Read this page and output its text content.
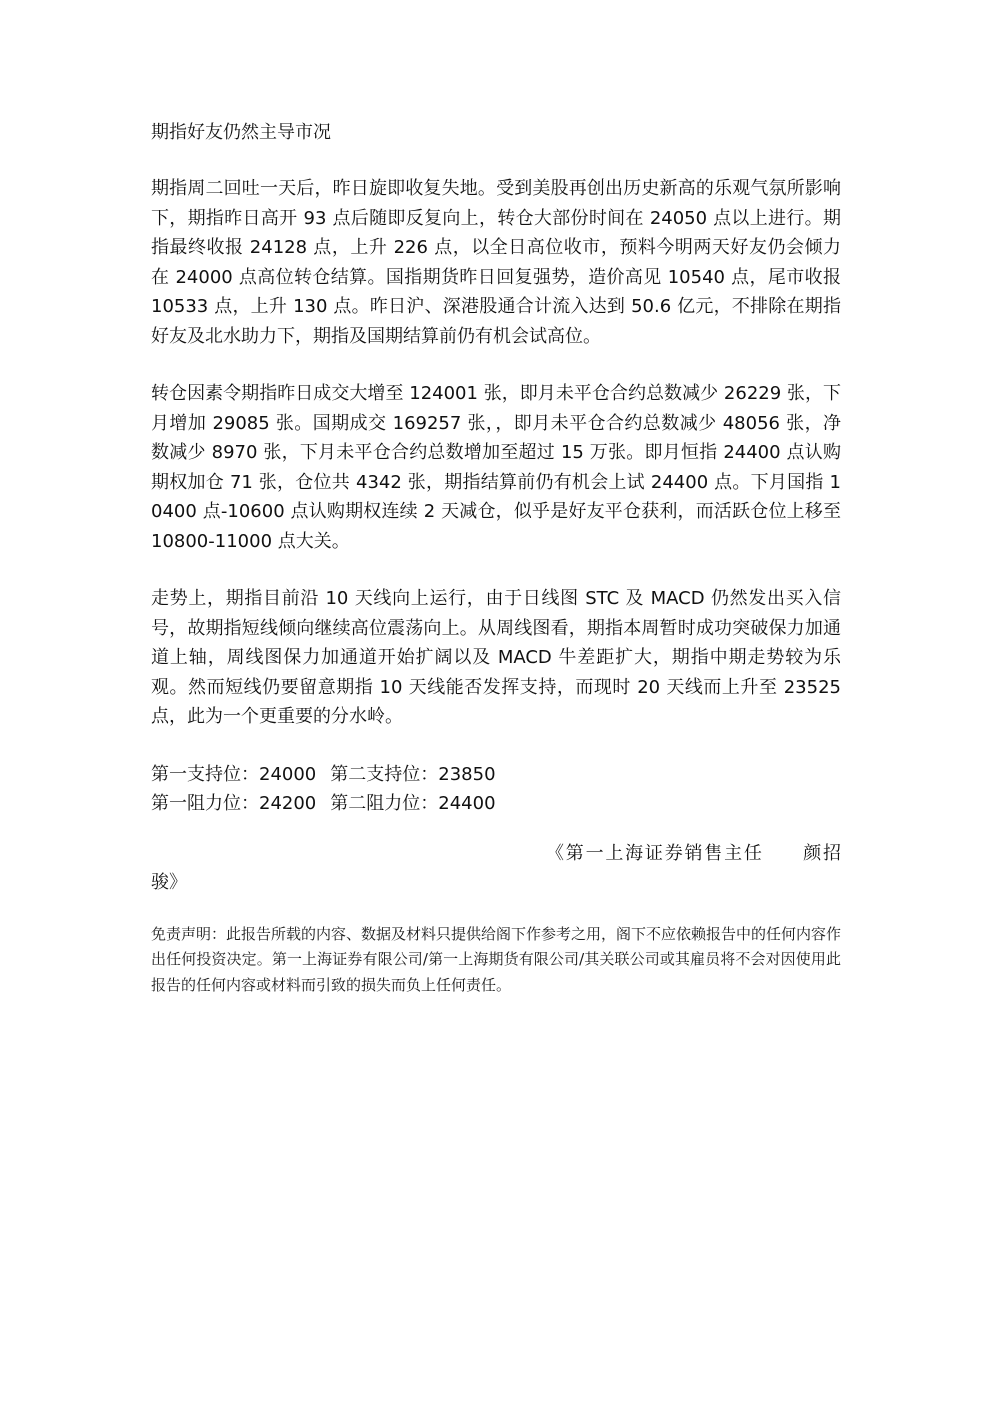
期指好友仍然主导市况

期指周二回吐一天后，昨日旋即收复失地。受到美股再创出历史新高的乐观气氛所影响下，期指昨日高开 93 点后随即反复向上，转仓大部份时间在 24050 点以上进行。期指最终收报 24128 点，上升 226 点，以全日高位收市，预料今明两天好友仍会倾力在 24000 点高位转仓结算。国指期货昨日回复强势，造价高见 10540 点，尾市收报 10533 点，上升 130 点。昨日沪、深港股通合计流入达到 50.6 亿元，不排除在期指好友及北水助力下，期指及国期结算前仍有机会试高位。

转仓因素令期指昨日成交大增至 124001 张，即月未平仓合约总数减少 26229 张，下月增加 29085 张。国期成交 169257 张，，即月未平仓合约总数减少 48056 张，净数减少 8970 张，下月未平仓合约总数增加至超过 15 万张。即月恒指 24400 点认购期权加仓 71 张，仓位共 4342 张，期指结算前仍有机会上试 24400 点。下月国指 10400 点-10600 点认购期权连续 2 天减仓，似乎是好友平仓获利，而活跃仓位上移至 10800-11000 点大关。

走势上，期指目前沿 10 天线向上运行，由于日线图 STC 及 MACD 仍然发出买入信号，故期指短线倾向继续高位震荡向上。从周线图看，期指本周暂时成功突破保力加通道上轴，周线图保力加通道开始扩阔以及 MACD 牛差距扩大，期指中期走势较为乐观。然而短线仍要留意期指 10 天线能否发挥支持，而现时 20 天线而上升至 23525 点，此为一个更重要的分水岭。

第一支持位：24000 第二支持位：23850
第一阻力位：24200 第二阻力位：24400

《第一上海证券销售主任　　颜招骏》

免责声明：此报告所载的内容、数据及材料只提供给阁下作参考之用，阁下不应依赖报告中的任何内容作出任何投资决定。第一上海证券有限公司/第一上海期货有限公司/其关联公司或其雇员将不会对因使用此报告的任何内容或材料而引致的损失而负上任何责任。
